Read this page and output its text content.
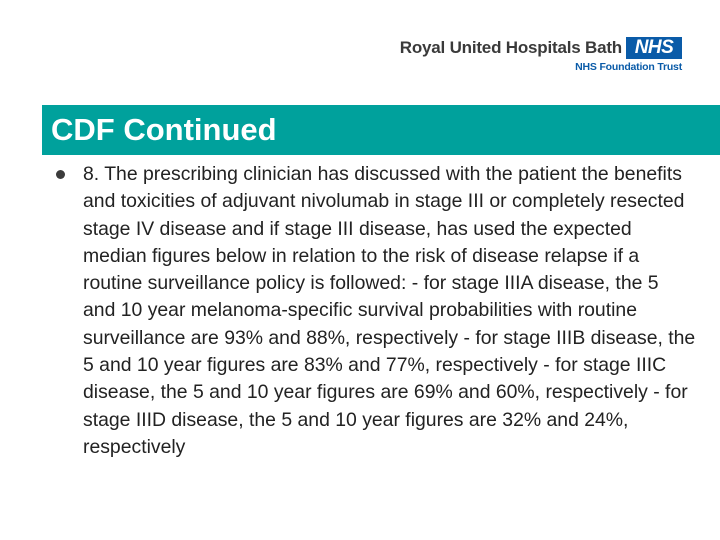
Royal United Hospitals Bath NHS
NHS Foundation Trust
CDF Continued

8. The prescribing clinician has discussed with the patient the benefits and toxicities of adjuvant nivolumab in stage III or completely resected stage IV disease and if stage III disease, has used the expected median figures below in relation to the risk of disease relapse if a routine surveillance policy is followed: - for stage IIIA disease, the 5 and 10 year melanoma-specific survival probabilities with routine surveillance are 93% and 88%, respectively - for stage IIIB disease, the 5 and 10 year figures are 83% and 77%, respectively - for stage IIIC disease, the 5 and 10 year figures are 69% and 60%, respectively - for stage IIID disease, the 5 and 10 year figures are 32% and 24%, respectively
